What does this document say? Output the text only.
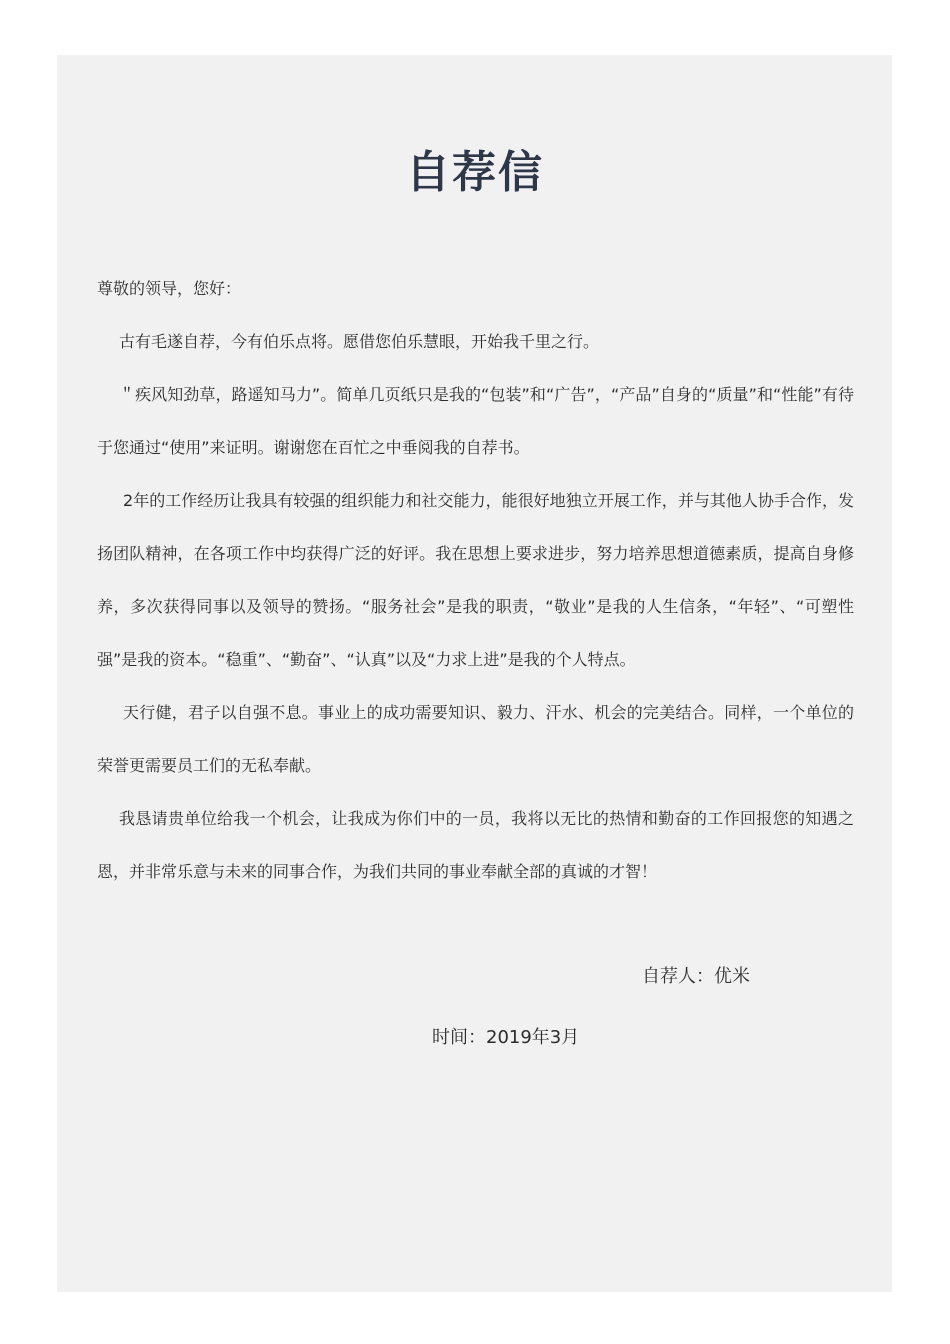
自荐信

尊敬的领导，您好：

古有毛遂自荐，今有伯乐点将。愿借您伯乐慧眼，开始我千里之行。

＂疾风知劲草，路遥知马力”。简单几页纸只是我的“包装”和“广告”，“产品”自身的“质量”和“性能”有待于您通过“使用”来证明。谢谢您在百忙之中垂阅我的自荐书。

2年的工作经历让我具有较强的组织能力和社交能力，能很好地独立开展工作，并与其他人协手合作，发扬团队精神，在各项工作中均获得广泛的好评。我在思想上要求进步，努力培养思想道德素质，提高自身修养，多次获得同事以及领导的赞扬。“服务社会”是我的职责，“敬业”是我的人生信条，“年轻”、“可塑性强”是我的资本。“稳重”、“勤奋”、“认真”以及“力求上进”是我的个人特点。

天行健，君子以自强不息。事业上的成功需要知识、毅力、汗水、机会的完美结合。同样，一个单位的荣誉更需要员工们的无私奉献。

我恳请贵单位给我一个机会，让我成为你们中的一员，我将以无比的热情和勤奋的工作回报您的知遇之恩，并非常乐意与未来的同事合作，为我们共同的事业奉献全部的真诚的才智！

自荐人：优米
时间：2019年3月
